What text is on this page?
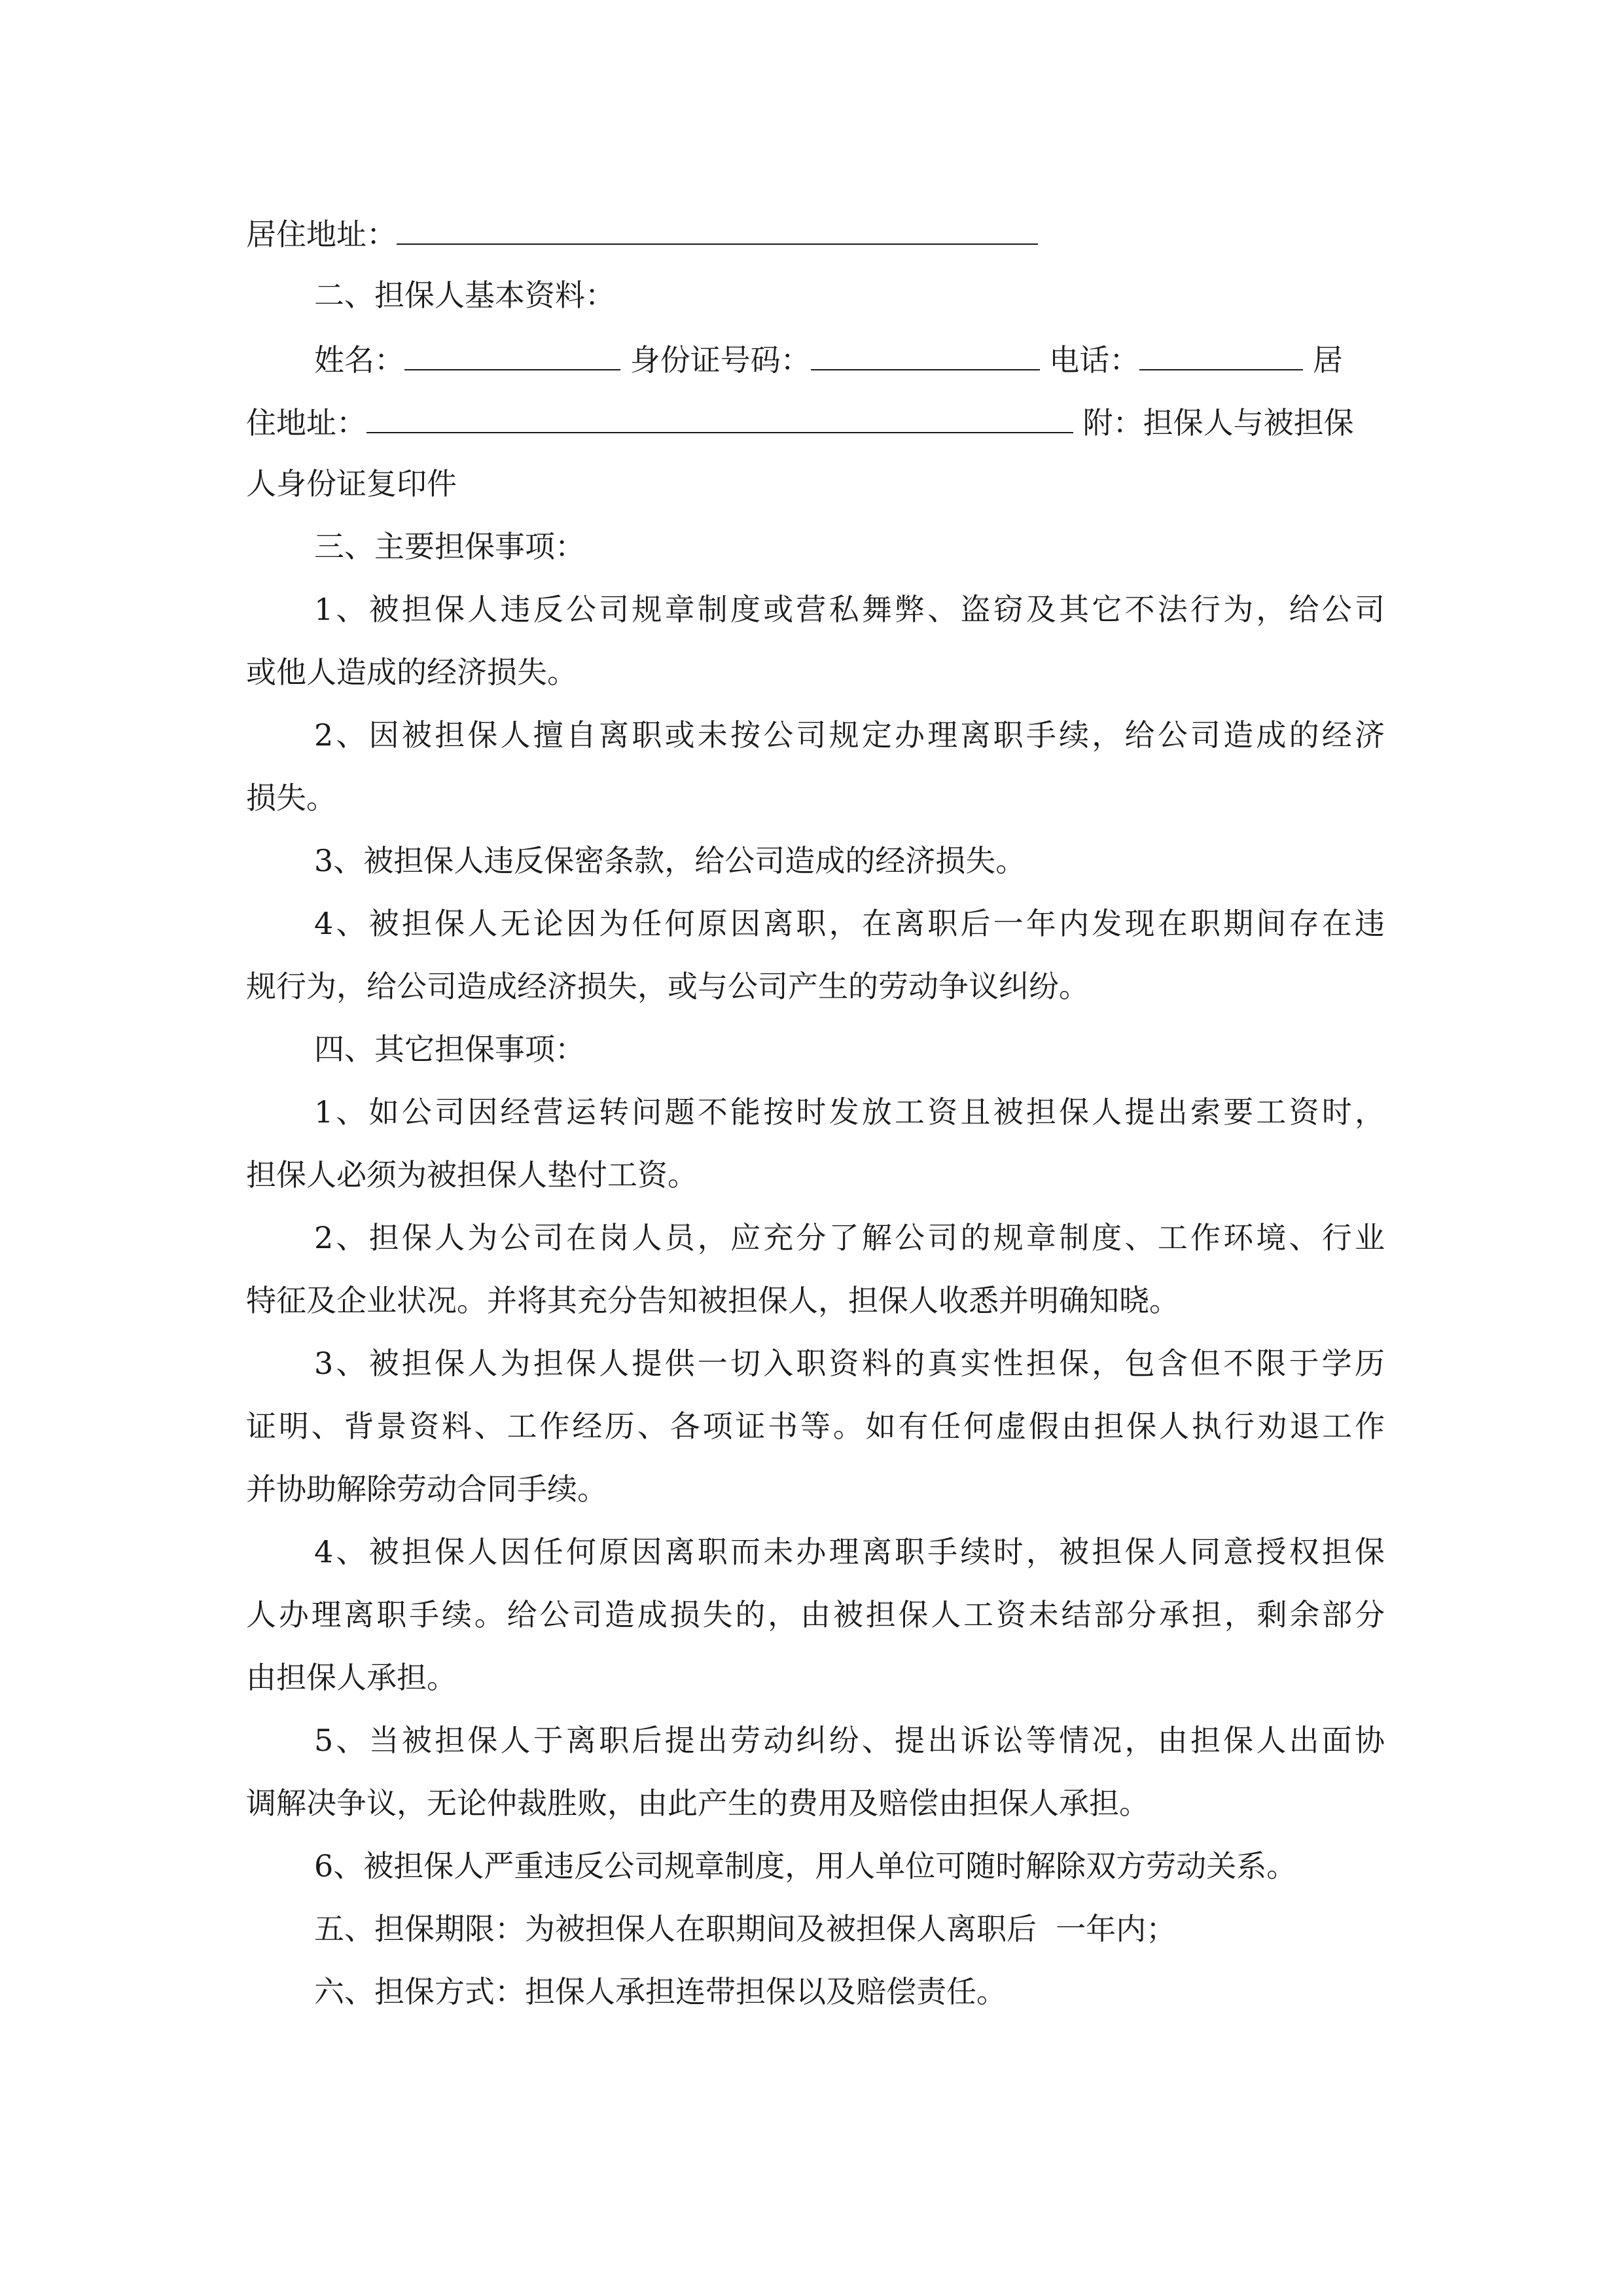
居住地址：
二、担保人基本资料：
姓名：	身份证号码：	电话：	居
住地址：	附：担保人与被担保
人身份证复印件
三、主要担保事项：
1、被担保人违反公司规章制度或营私舞弊、盗窃及其它不法行为，给公司
或他人造成的经济损失。
2、因被担保人擅自离职或未按公司规定办理离职手续，给公司造成的经济
损失。
3、被担保人违反保密条款，给公司造成的经济损失。
4、被担保人无论因为任何原因离职，在离职后一年内发现在职期间存在违
规行为，给公司造成经济损失，或与公司产生的劳动争议纠纷。
四、其它担保事项：
1、如公司因经营运转问题不能按时发放工资且被担保人提出索要工资时，
担保人必须为被担保人垫付工资。
2、担保人为公司在岗人员，应充分了解公司的规章制度、工作环境、行业
特征及企业状况。并将其充分告知被担保人，担保人收悉并明确知晓。
3、被担保人为担保人提供一切入职资料的真实性担保，包含但不限于学历
证明、背景资料、工作经历、各项证书等。如有任何虚假由担保人执行劝退工作
并协助解除劳动合同手续。
4、被担保人因任何原因离职而未办理离职手续时，被担保人同意授权担保
人办理离职手续。给公司造成损失的，由被担保人工资未结部分承担，剩余部分
由担保人承担。
5、当被担保人于离职后提出劳动纠纷、提出诉讼等情况，由担保人出面协
调解决争议，无论仲裁胜败，由此产生的费用及赔偿由担保人承担。
6、被担保人严重违反公司规章制度，用人单位可随时解除双方劳动关系。
五、担保期限：为被担保人在职期间及被担保人离职后  一年内；
六、担保方式：担保人承担连带担保以及赔偿责任。
